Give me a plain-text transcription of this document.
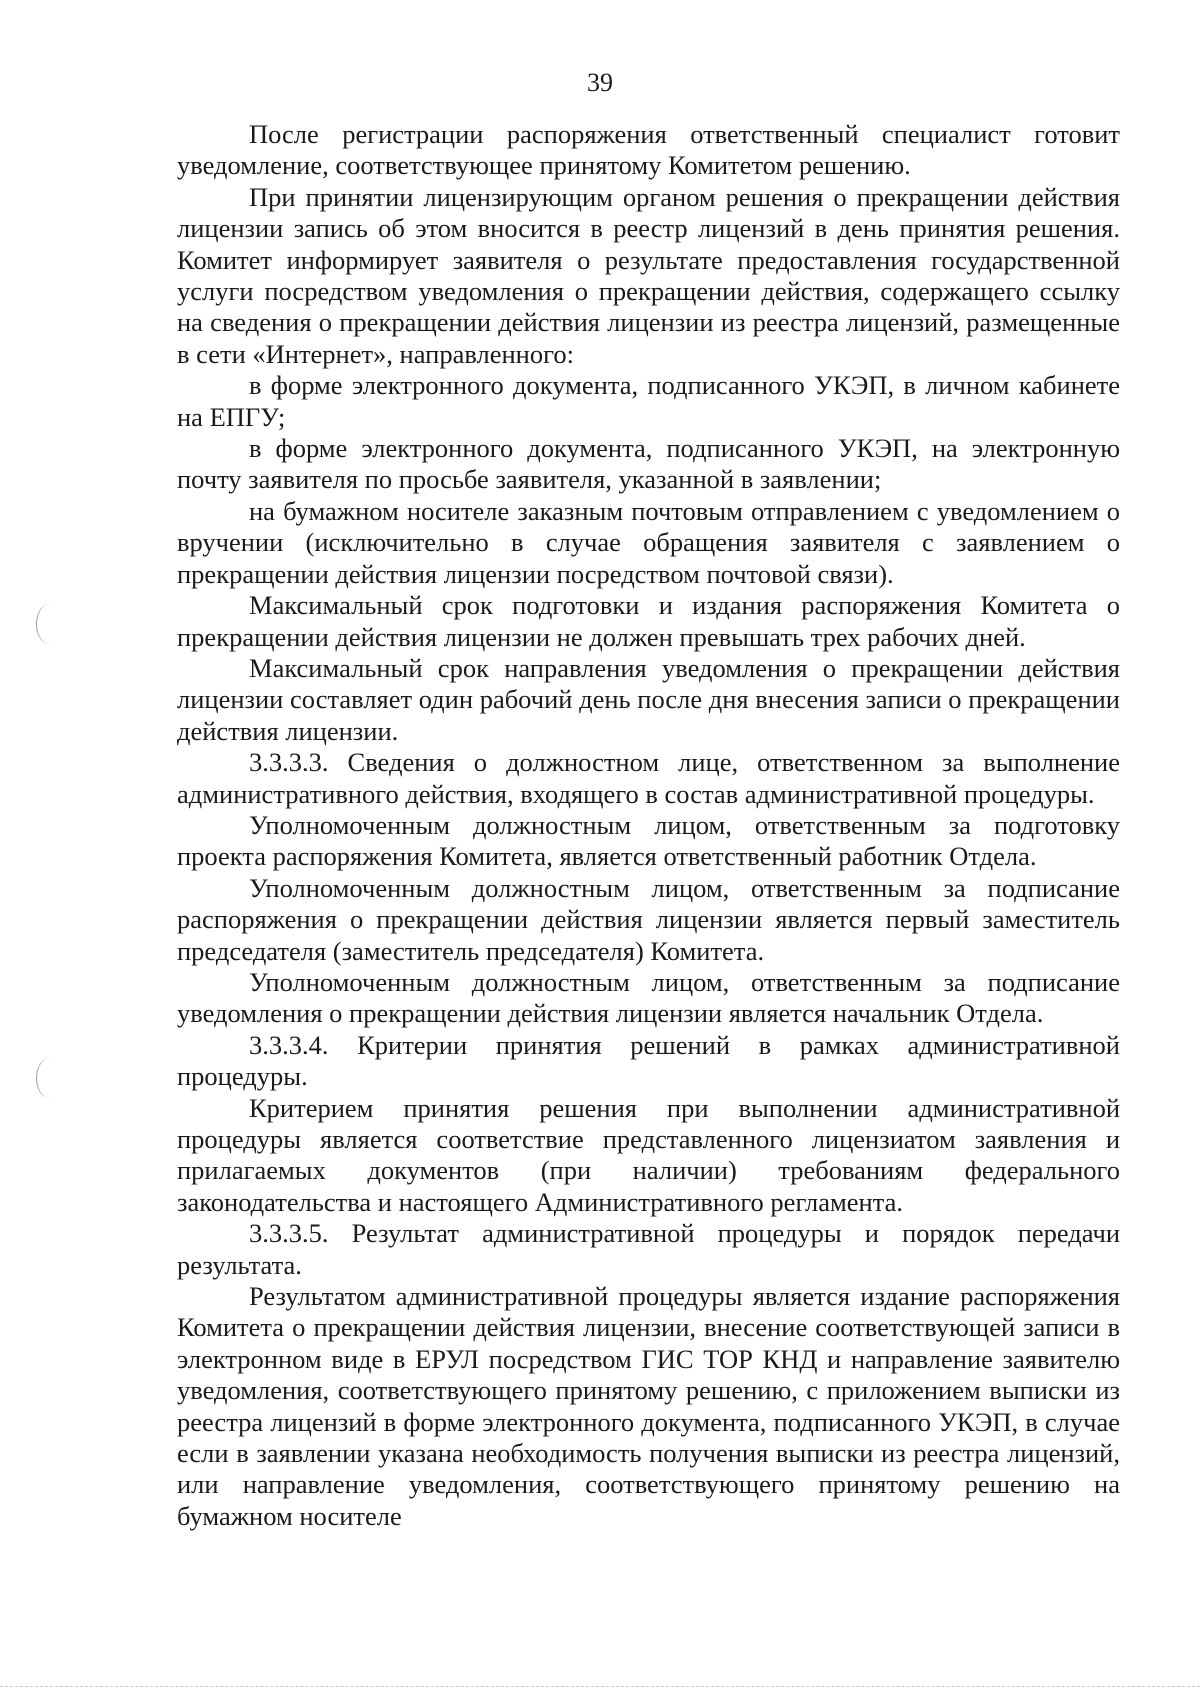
39

После регистрации распоряжения ответственный специалист готовит уведомление, соответствующее принятому Комитетом решению.

При принятии лицензирующим органом решения о прекращении действия лицензии запись об этом вносится в реестр лицензий в день принятия решения. Комитет информирует заявителя о результате предоставления государственной услуги посредством уведомления о прекращении действия, содержащего ссылку на сведения о прекращении действия лицензии из реестра лицензий, размещенные в сети «Интернет», направленного:

в форме электронного документа, подписанного УКЭП, в личном кабинете на ЕПГУ;

в форме электронного документа, подписанного УКЭП, на электронную почту заявителя по просьбе заявителя, указанной в заявлении;

на бумажном носителе заказным почтовым отправлением с уведомлением о вручении (исключительно в случае обращения заявителя с заявлением о прекращении действия лицензии посредством почтовой связи).

Максимальный срок подготовки и издания распоряжения Комитета о прекращении действия лицензии не должен превышать трех рабочих дней.

Максимальный срок направления уведомления о прекращении действия лицензии составляет один рабочий день после дня внесения записи о прекращении действия лицензии.

3.3.3.3. Сведения о должностном лице, ответственном за выполнение административного действия, входящего в состав административной процедуры.

Уполномоченным должностным лицом, ответственным за подготовку проекта распоряжения Комитета, является ответственный работник Отдела.

Уполномоченным должностным лицом, ответственным за подписание распоряжения о прекращении действия лицензии является первый заместитель председателя (заместитель председателя) Комитета.

Уполномоченным должностным лицом, ответственным за подписание уведомления о прекращении действия лицензии является начальник Отдела.

3.3.3.4. Критерии принятия решений в рамках административной процедуры.

Критерием принятия решения при выполнении административной процедуры является соответствие представленного лицензиатом заявления и прилагаемых документов (при наличии) требованиям федерального законодательства и настоящего Административного регламента.

3.3.3.5. Результат административной процедуры и порядок передачи результата.

Результатом административной процедуры является издание распоряжения Комитета о прекращении действия лицензии, внесение соответствующей записи в электронном виде в ЕРУЛ посредством ГИС ТОР КНД и направление заявителю уведомления, соответствующего принятому решению, с приложением выписки из реестра лицензий в форме электронного документа, подписанного УКЭП, в случае если в заявлении указана необходимость получения выписки из реестра лицензий, или направление уведомления, соответствующего принятому решению на бумажном носителе
